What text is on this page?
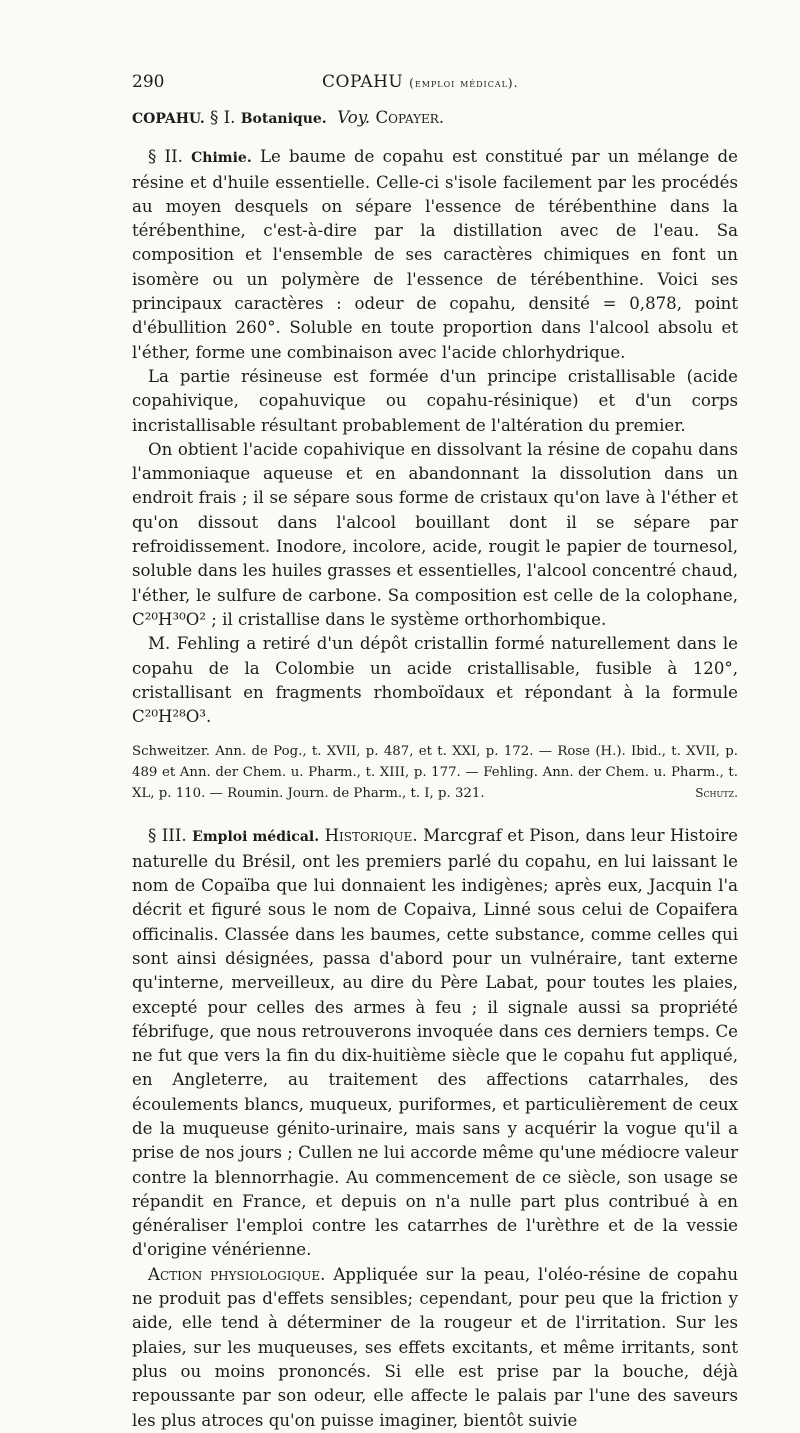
290	COPAHU (emploi médical).
COPAHU. § I. Botanique. Voy. Copayer.

§ II. Chimie. Le baume de copahu est constitué par un mélange de résine et d'huile essentielle. Celle-ci s'isole facilement par les procédés au moyen desquels on sépare l'essence de térébenthine dans la térébenthine, c'est-à-dire par la distillation avec de l'eau. Sa composition et l'ensemble de ses caractères chimiques en font un isomère ou un polymère de l'essence de térébenthine. Voici ses principaux caractères : odeur de copahu, densité = 0,878, point d'ébullition 260°. Soluble en toute proportion dans l'alcool absolu et l'éther, forme une combinaison avec l'acide chlorhydrique.

La partie résineuse est formée d'un principe cristallisable (acide copahivique, copahuvique ou copahu-résinique) et d'un corps incristallisable résultant probablement de l'altération du premier.

On obtient l'acide copahivique en dissolvant la résine de copahu dans l'ammoniaque aqueuse et en abandonnant la dissolution dans un endroit frais ; il se sépare sous forme de cristaux qu'on lave à l'éther et qu'on dissout dans l'alcool bouillant dont il se sépare par refroidissement. Inodore, incolore, acide, rougit le papier de tournesol, soluble dans les huiles grasses et essentielles, l'alcool concentré chaud, l'éther, le sulfure de carbone. Sa composition est celle de la colophane, C²⁰H³⁰O² ; il cristallise dans le système orthorhombique.

M. Fehling a retiré d'un dépôt cristallin formé naturellement dans le copahu de la Colombie un acide cristallisable, fusible à 120°, cristallisant en fragments rhomboïdaux et répondant à la formule C²⁰H²⁸O³.

Schweitzer. Ann. de Pog., t. XVII, p. 487, et t. XXI, p. 172. — Rose (H.). Ibid., t. XVII, p. 489 et Ann. der Chem. u. Pharm., t. XIII, p. 177. — Fehling. Ann. der Chem. u. Pharm., t. XL, p. 110. — Roumin. Journ. de Pharm., t. I, p. 321.	Schutz.

§ III. Emploi médical. Historique. Marcgraf et Pison, dans leur Histoire naturelle du Brésil, ont les premiers parlé du copahu, en lui laissant le nom de Copaïba que lui donnaient les indigènes; après eux, Jacquin l'a décrit et figuré sous le nom de Copaiva, Linné sous celui de Copaifera officinalis. Classée dans les baumes, cette substance, comme celles qui sont ainsi désignées, passa d'abord pour un vulnéraire, tant externe qu'interne, merveilleux, au dire du Père Labat, pour toutes les plaies, excepté pour celles des armes à feu ; il signale aussi sa propriété fébrifuge, que nous retrouverons invoquée dans ces derniers temps. Ce ne fut que vers la fin du dix-huitième siècle que le copahu fut appliqué, en Angleterre, au traitement des affections catarrhales, des écoulements blancs, muqueux, puriformes, et particulièrement de ceux de la muqueuse génito-urinaire, mais sans y acquérir la vogue qu'il a prise de nos jours ; Cullen ne lui accorde même qu'une médiocre valeur contre la blennorrhagie. Au commencement de ce siècle, son usage se répandit en France, et depuis on n'a nulle part plus contribué à en généraliser l'emploi contre les catarrhes de l'urèthre et de la vessie d'origine vénérienne.

Action physiologique. Appliquée sur la peau, l'oléo-résine de copahu ne produit pas d'effets sensibles; cependant, pour peu que la friction y aide, elle tend à déterminer de la rougeur et de l'irritation. Sur les plaies, sur les muqueuses, ses effets excitants, et même irritants, sont plus ou moins prononcés. Si elle est prise par la bouche, déjà repoussante par son odeur, elle affecte le palais par l'une des saveurs les plus atroces qu'on puisse imaginer, bientôt suivie
